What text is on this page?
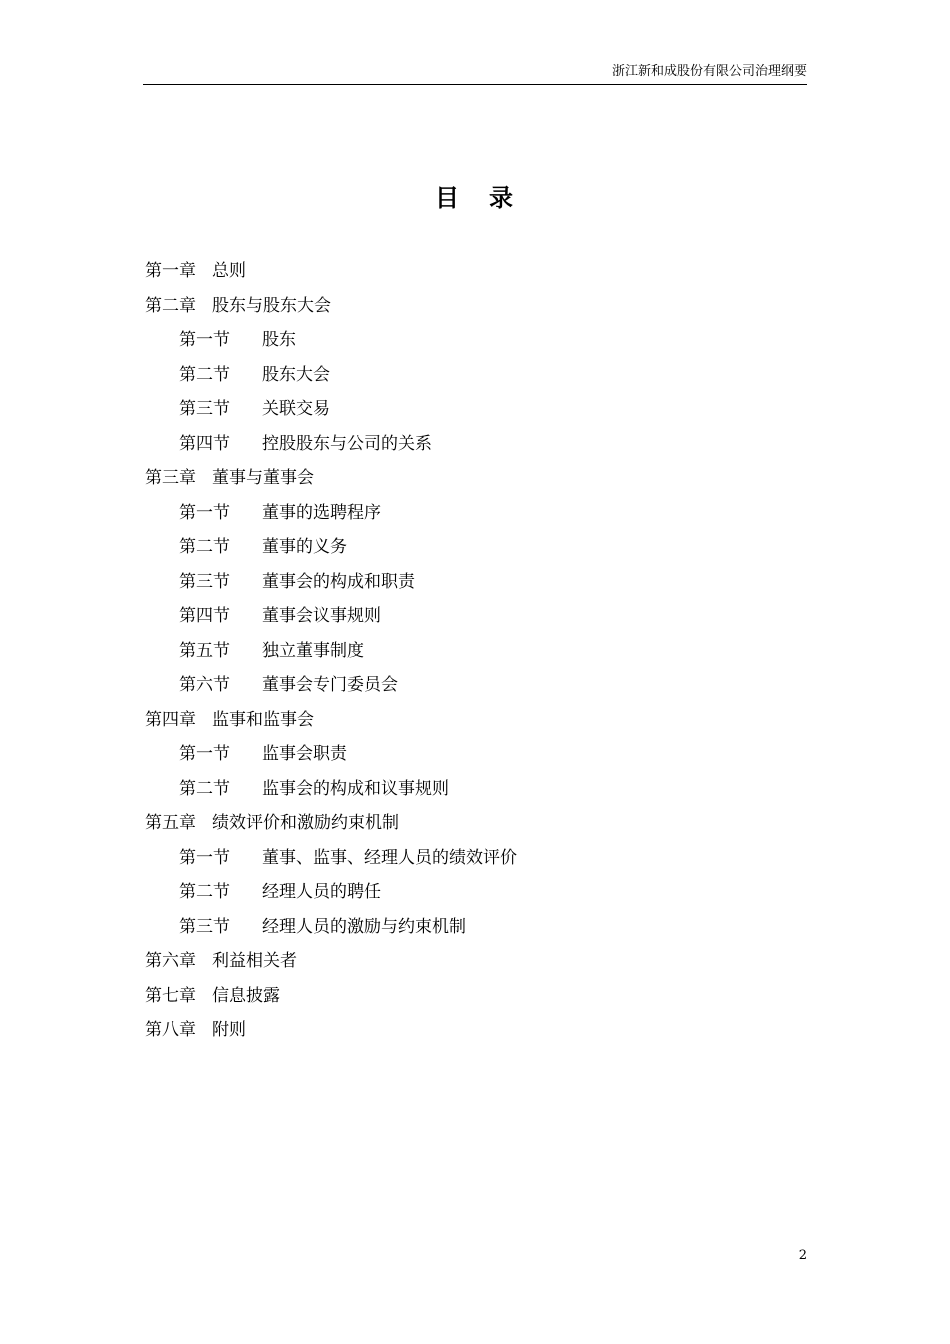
浙江新和成股份有限公司治理纲要
目 录
第一章 总则
第二章 股东与股东大会
第一节 股东
第二节 股东大会
第三节 关联交易
第四节 控股股东与公司的关系
第三章 董事与董事会
第一节 董事的选聘程序
第二节 董事的义务
第三节 董事会的构成和职责
第四节 董事会议事规则
第五节 独立董事制度
第六节 董事会专门委员会
第四章 监事和监事会
第一节 监事会职责
第二节 监事会的构成和议事规则
第五章 绩效评价和激励约束机制
第一节 董事、监事、经理人员的绩效评价
第二节 经理人员的聘任
第三节 经理人员的激励与约束机制
第六章 利益相关者
第七章 信息披露
第八章 附则
2
